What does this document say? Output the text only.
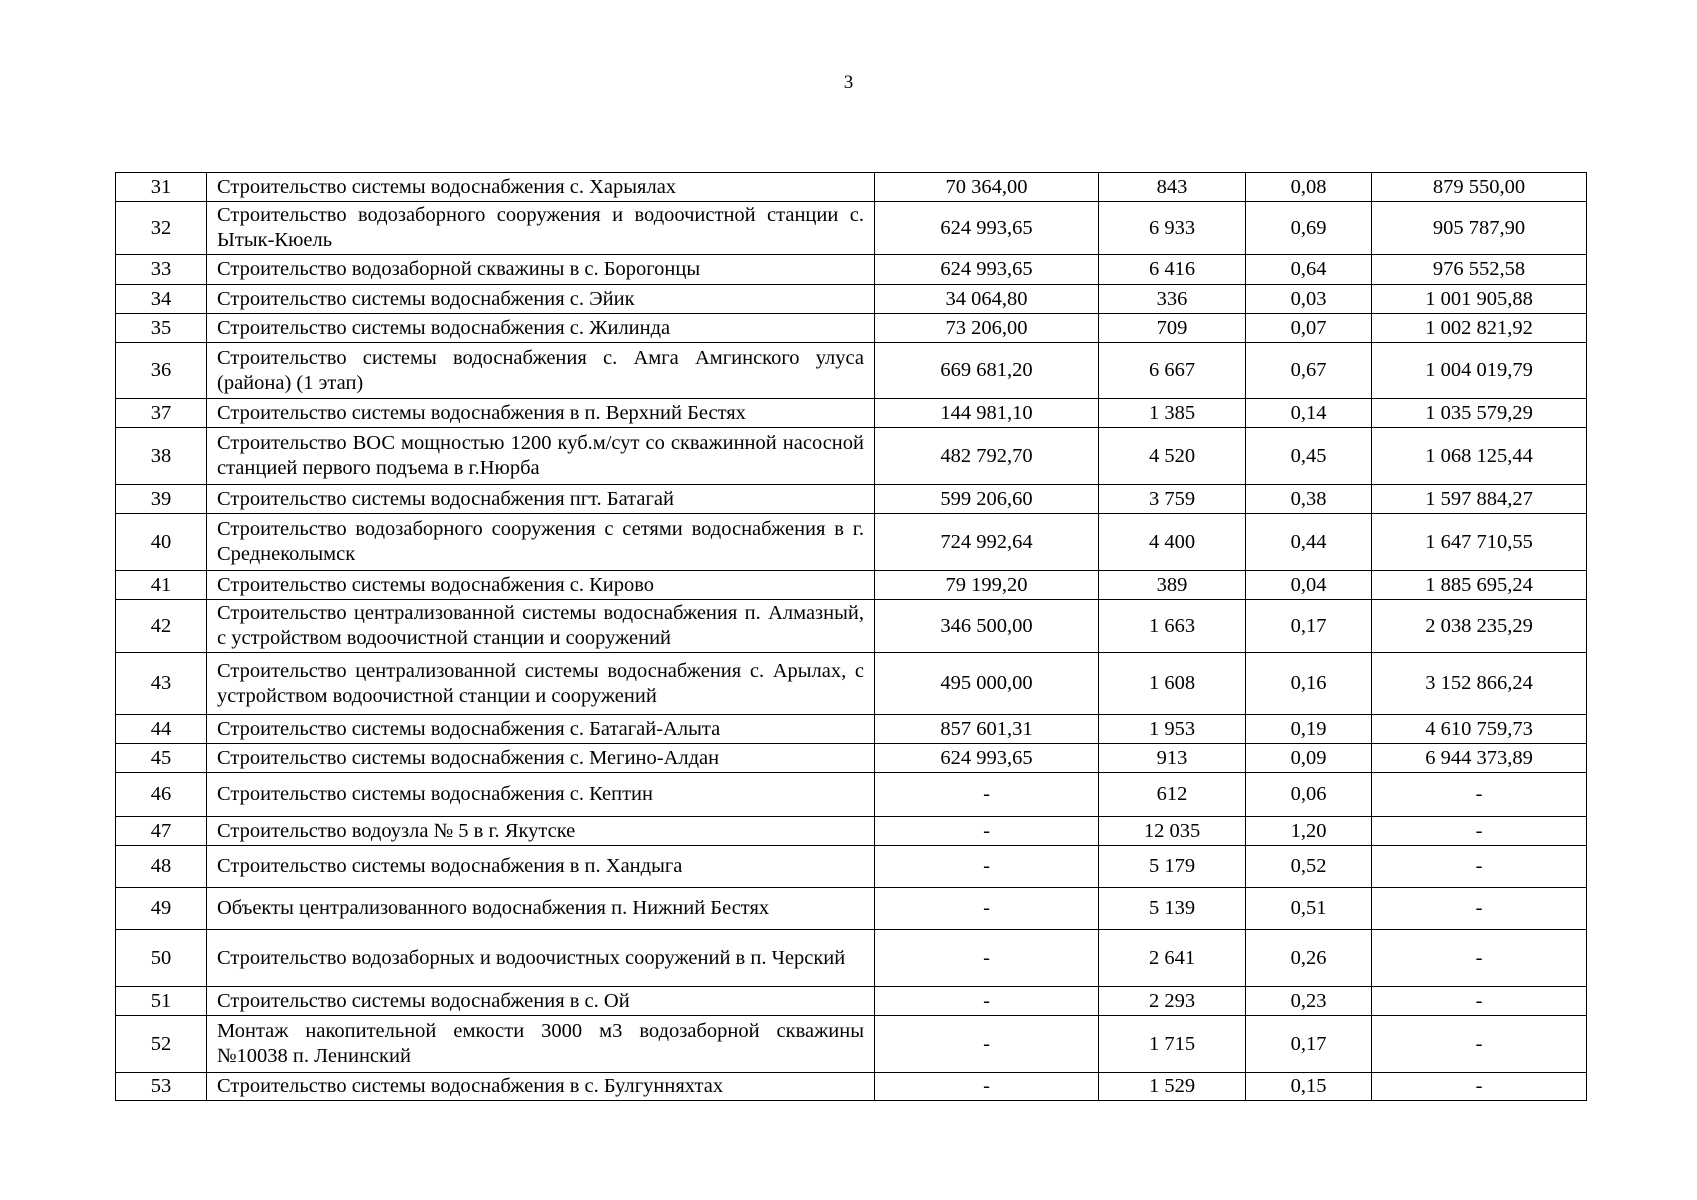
3
31	Строительство системы водоснабжения с. Харыялах	70 364,00	843	0,08	879 550,00
32	Строительство водозаборного сооружения и водоочистной станции с. Ытык-Кюель	624 993,65	6 933	0,69	905 787,90
33	Строительство водозаборной скважины в с. Борогонцы	624 993,65	6 416	0,64	976 552,58
34	Строительство системы водоснабжения с. Эйик	34 064,80	336	0,03	1 001 905,88
35	Строительство системы водоснабжения с. Жилинда	73 206,00	709	0,07	1 002 821,92
36	Строительство системы водоснабжения с. Амга Амгинского улуса (района) (1 этап)	669 681,20	6 667	0,67	1 004 019,79
37	Строительство системы водоснабжения в п. Верхний Бестях	144 981,10	1 385	0,14	1 035 579,29
38	Строительство ВОС мощностью 1200 куб.м/сут со скважинной насосной станцией первого подъема в г.Нюрба	482 792,70	4 520	0,45	1 068 125,44
39	Строительство системы водоснабжения пгт. Батагай	599 206,60	3 759	0,38	1 597 884,27
40	Строительство водозаборного сооружения с сетями водоснабжения в г. Среднеколымск	724 992,64	4 400	0,44	1 647 710,55
41	Строительство системы водоснабжения с. Кирово	79 199,20	389	0,04	1 885 695,24
42	Строительство централизованной системы водоснабжения п. Алмазный, с устройством водоочистной станции и сооружений	346 500,00	1 663	0,17	2 038 235,29
43	Строительство централизованной системы водоснабжения с. Арылах, с устройством водоочистной станции и сооружений	495 000,00	1 608	0,16	3 152 866,24
44	Строительство системы водоснабжения с. Батагай-Алыта	857 601,31	1 953	0,19	4 610 759,73
45	Строительство системы водоснабжения с. Мегино-Алдан	624 993,65	913	0,09	6 944 373,89
46	Строительство системы водоснабжения с. Кептин	-	612	0,06	-
47	Строительство водоузла № 5 в г. Якутске	-	12 035	1,20	-
48	Строительство системы водоснабжения в п. Хандыга	-	5 179	0,52	-
49	Объекты централизованного водоснабжения п. Нижний Бестях	-	5 139	0,51	-
50	Строительство водозаборных и водоочистных сооружений в п. Черский	-	2 641	0,26	-
51	Строительство системы водоснабжения в с. Ой	-	2 293	0,23	-
52	Монтаж накопительной емкости 3000 м3 водозаборной скважины №10038 п. Ленинский	-	1 715	0,17	-
53	Строительство системы водоснабжения в с. Булгунняхтах	-	1 529	0,15	-
